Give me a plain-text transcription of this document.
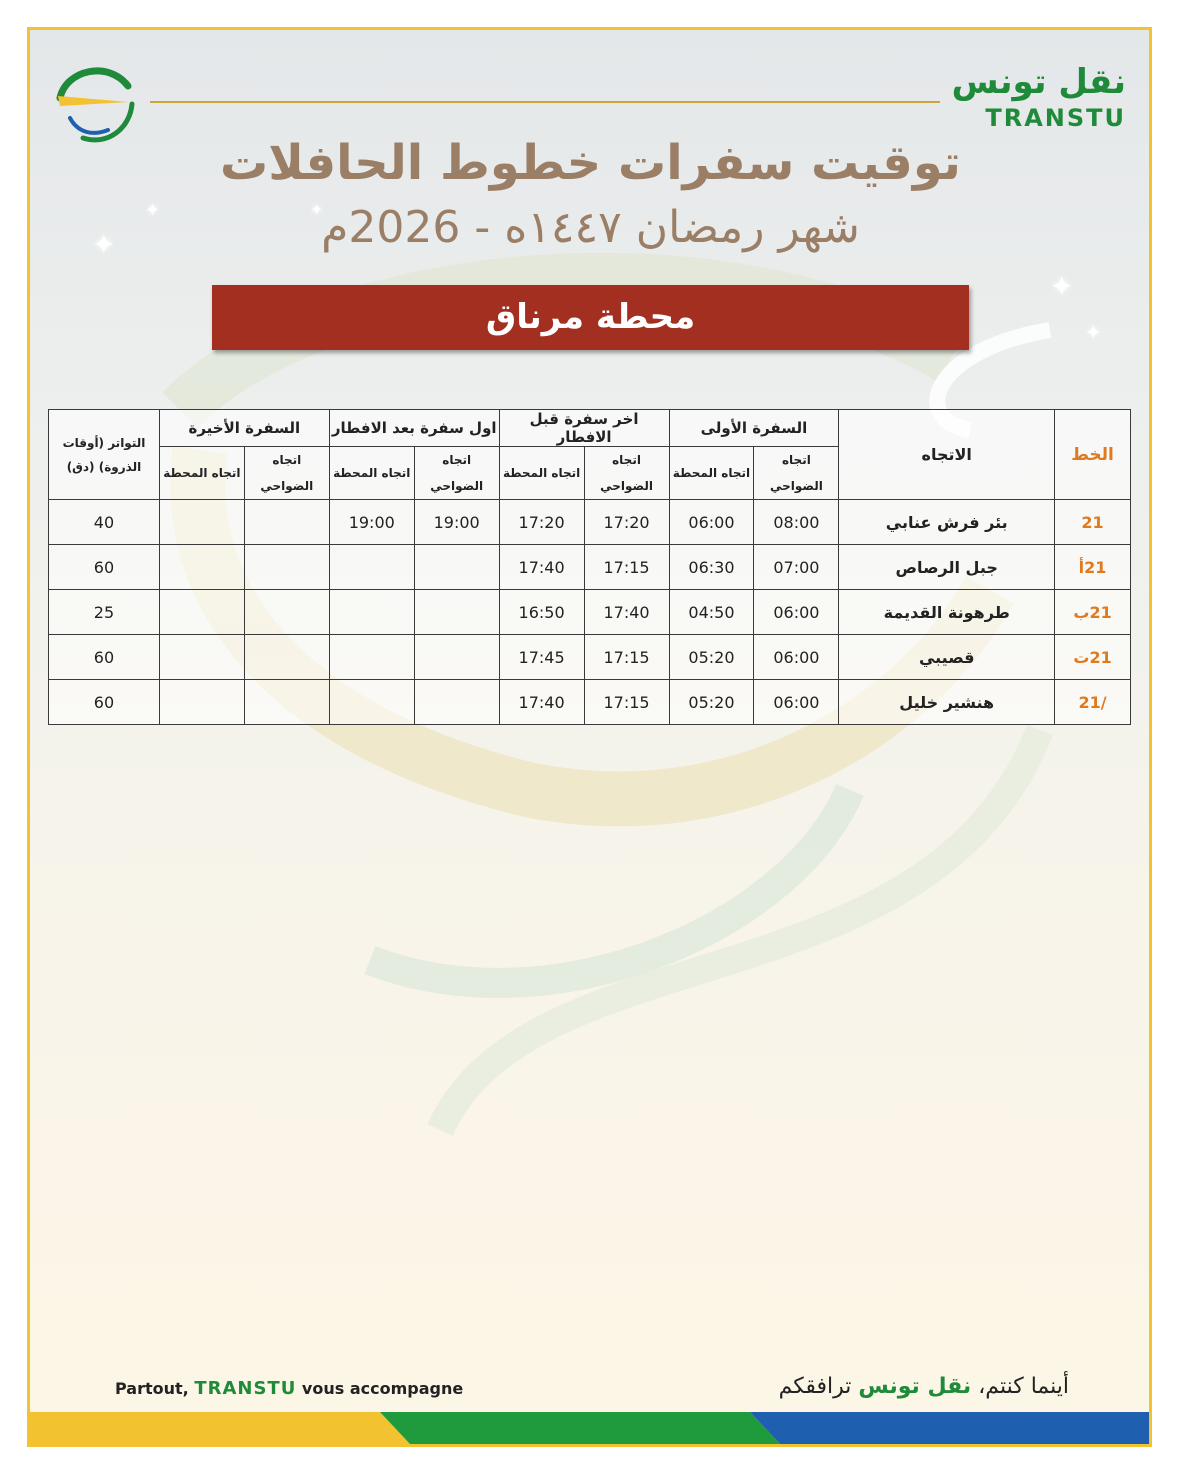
✦
✦
✦
✦
✦
نقل تونس
TRANSTU
توقيت سفرات خطوط الحافلات
شهر رمضان ١٤٤٧ه - 2026م
محطة مرناق
الخط	الاتجاه	السفرة الأولى		اخر سفرة قبل الافطار		اول سفرة بعد الافطار		السفرة الأخيرة		التواتر (أوقات الذروة) (دق)
		اتجاه الضواحي	اتجاه المحطة	اتجاه الضواحي	اتجاه المحطة	اتجاه الضواحي	اتجاه المحطة	اتجاه الضواحي	اتجاه المحطة	
21	بئر فرش عنابي	08:00	06:00	17:20	17:20	19:00	19:00			40
21أ	جبل الرصاص	07:00	06:30	17:15	17:40					60
21ب	طرهونة القديمة	06:00	04:50	17:40	16:50					25
21ت	قصيبي	06:00	05:20	17:15	17:45					60
/21	هنشير خليل	06:00	05:20	17:15	17:40					60
Partout, TRANSTU vous accompagne	أينما كنتم، نقل تونس ترافقكم
